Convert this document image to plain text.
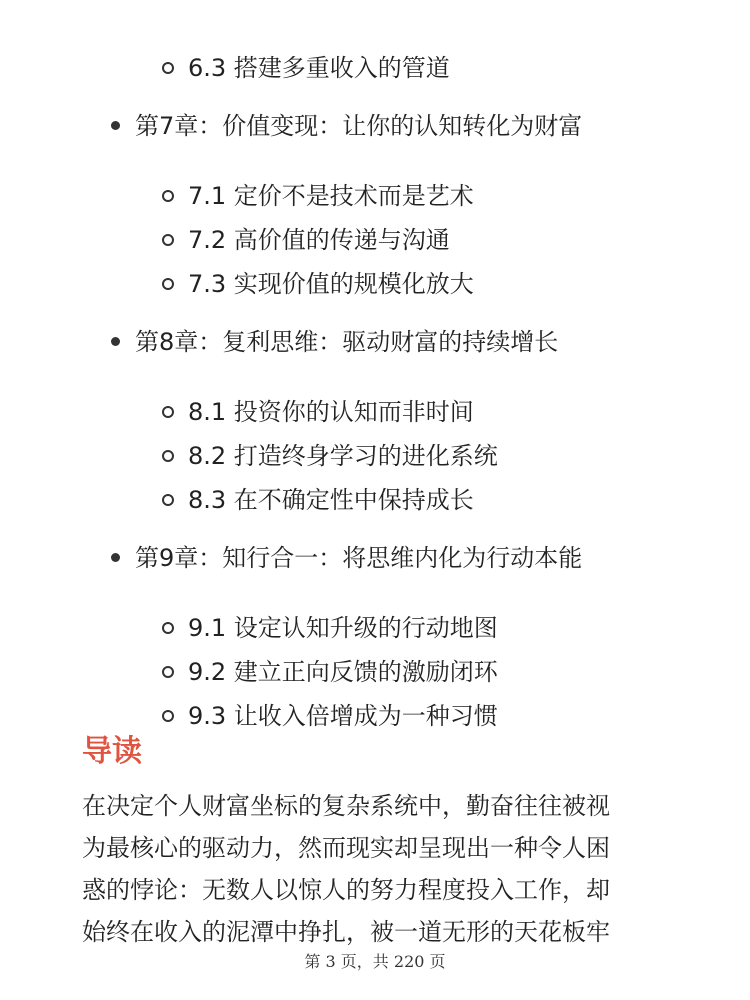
6.3 搭建多重收入的管道
第7章：价值变现：让你的认知转化为财富
7.1 定价不是技术而是艺术
7.2 高价值的传递与沟通
7.3 实现价值的规模化放大
第8章：复利思维：驱动财富的持续增长
8.1 投资你的认知而非时间
8.2 打造终身学习的进化系统
8.3 在不确定性中保持成长
第9章：知行合一：将思维内化为行动本能
9.1 设定认知升级的行动地图
9.2 建立正向反馈的激励闭环
9.3 让收入倍增成为一种习惯
导读
在决定个人财富坐标的复杂系统中，勤奋往往被视
为最核心的驱动力，然而现实却呈现出一种令人困
惑的悖论：无数人以惊人的努力程度投入工作，却
始终在收入的泥潭中挣扎，被一道无形的天花板牢
第 3 页，共 220 页
